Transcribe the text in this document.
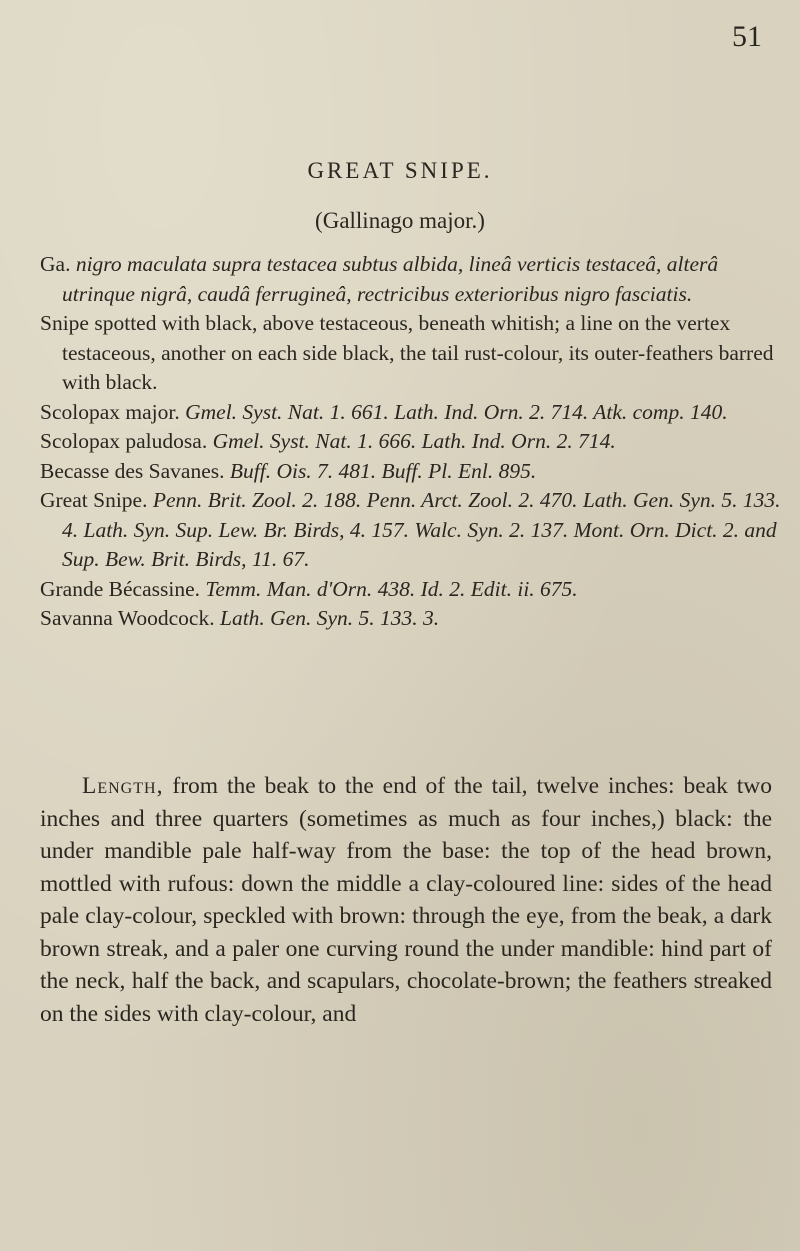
51
GREAT SNIPE.
(Gallinago major.)

Ga. nigro maculata supra testacea subtus albida, lineâ verticis testaceâ, alterâ utrinque nigrâ, caudâ ferrugineâ, rectricibus exterioribus nigro fasciatis.

Snipe spotted with black, above testaceous, beneath whitish; a line on the vertex testaceous, another on each side black, the tail rust-colour, its outer-feathers barred with black.

Scolopax major. Gmel. Syst. Nat. 1. 661. Lath. Ind. Orn. 2. 714. Atk. comp. 140.

Scolopax paludosa. Gmel. Syst. Nat. 1. 666. Lath. Ind. Orn. 2. 714.

Becasse des Savanes. Buff. Ois. 7. 481. Buff. Pl. Enl. 895.

Great Snipe. Penn. Brit. Zool. 2. 188. Penn. Arct. Zool. 2. 470. Lath. Gen. Syn. 5. 133. 4. Lath. Syn. Sup. Lew. Br. Birds, 4. 157. Walc. Syn. 2. 137. Mont. Orn. Dict. 2. and Sup. Bew. Brit. Birds, 11. 67.

Grande Bécassine. Temm. Man. d'Orn. 438. Id. 2. Edit. ii. 675.

Savanna Woodcock. Lath. Gen. Syn. 5. 133. 3.

Length, from the beak to the end of the tail, twelve inches: beak two inches and three quarters (sometimes as much as four inches,) black: the under mandible pale half-way from the base: the top of the head brown, mottled with rufous: down the middle a clay-coloured line: sides of the head pale clay-colour, speckled with brown: through the eye, from the beak, a dark brown streak, and a paler one curving round the under mandible: hind part of the neck, half the back, and scapulars, chocolate-brown; the feathers streaked on the sides with clay-colour, and
